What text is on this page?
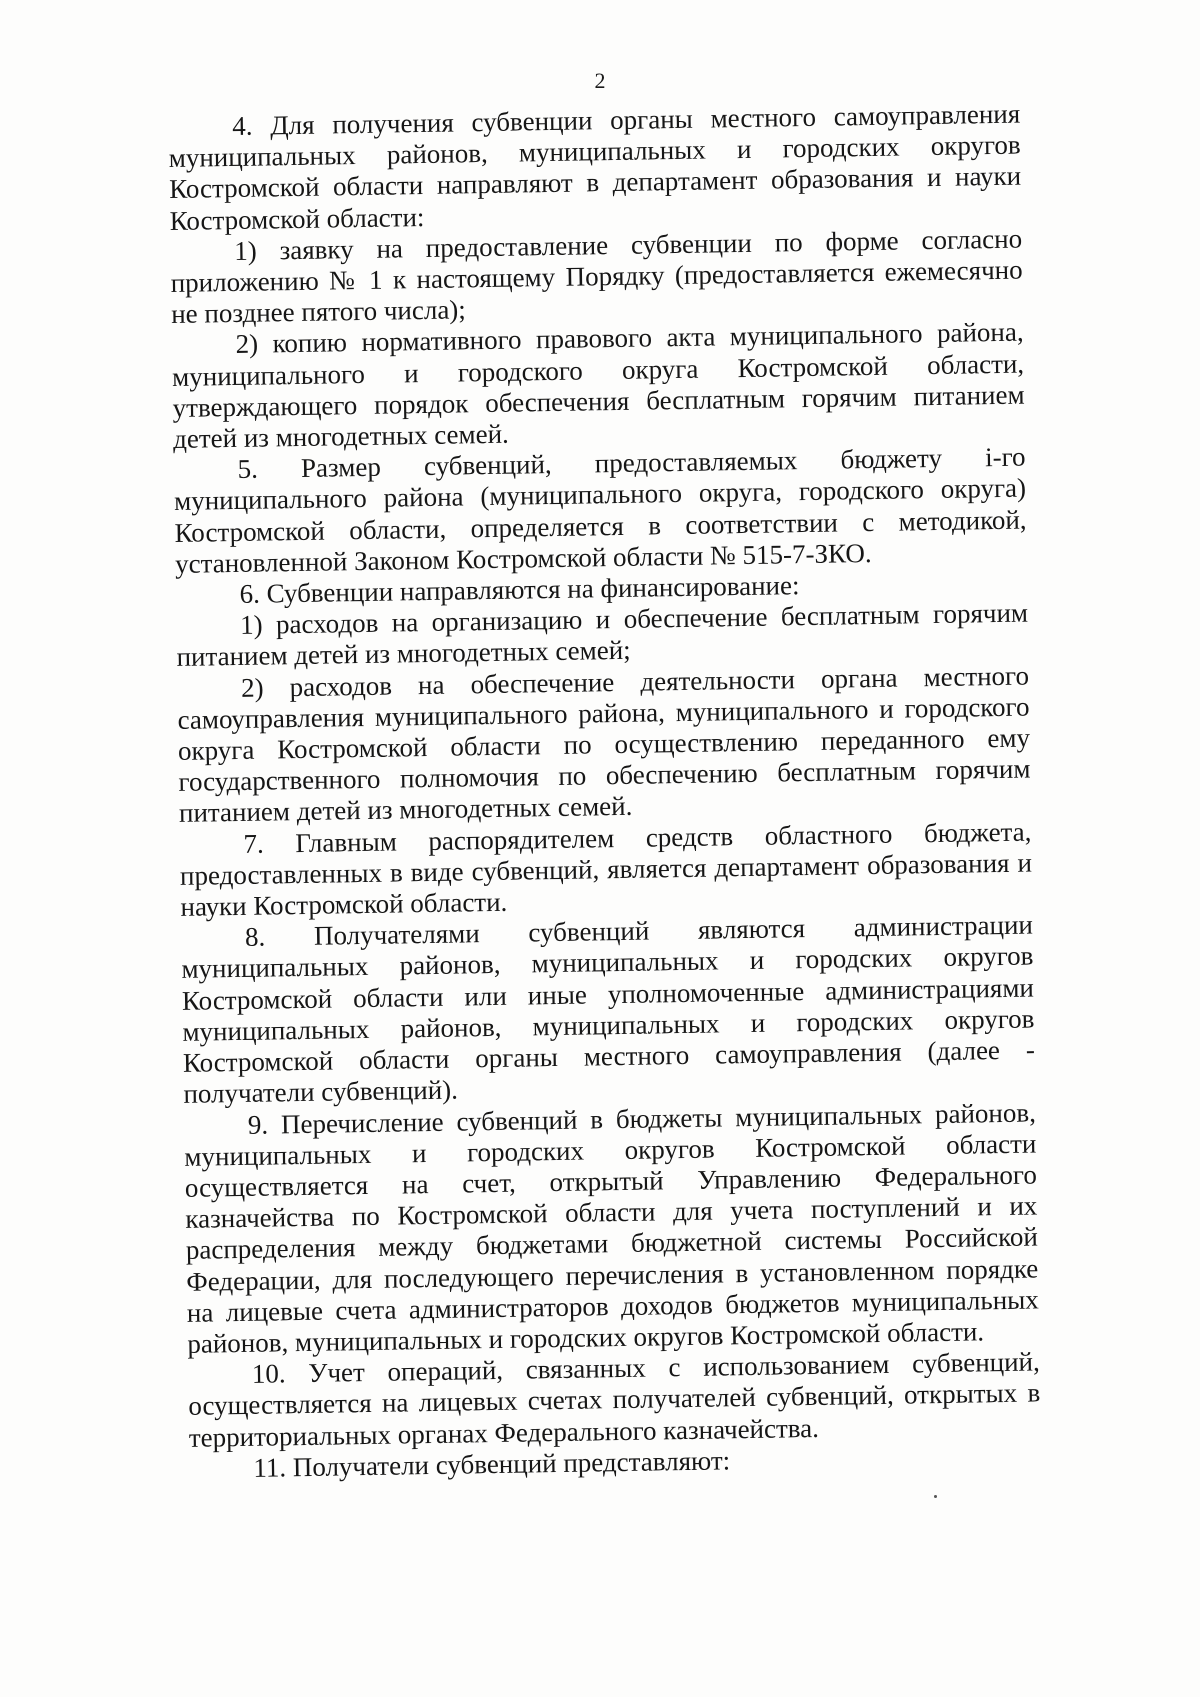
2

4. Для получения субвенции органы местного самоуправления муниципальных районов, муниципальных и городских округов Костромской области направляют в департамент образования и науки Костромской области:

1) заявку на предоставление субвенции по форме согласно приложению № 1 к настоящему Порядку (предоставляется ежемесячно не позднее пятого числа);

2) копию нормативного правового акта муниципального района, муниципального и городского округа Костромской области, утверждающего порядок обеспечения бесплатным горячим питанием детей из многодетных семей.

5. Размер субвенций, предоставляемых бюджету i-го муниципального района (муниципального округа, городского округа) Костромской области, определяется в соответствии с методикой, установленной Законом Костромской области № 515-7-ЗКО.

6. Субвенции направляются на финансирование:

1) расходов на организацию и обеспечение бесплатным горячим питанием детей из многодетных семей;

2) расходов на обеспечение деятельности органа местного самоуправления муниципального района, муниципального и городского округа Костромской области по осуществлению переданного ему государственного полномочия по обеспечению бесплатным горячим питанием детей из многодетных семей.

7. Главным распорядителем средств областного бюджета, предоставленных в виде субвенций, является департамент образования и науки Костромской области.

8. Получателями субвенций являются администрации муниципальных районов, муниципальных и городских округов Костромской области или иные уполномоченные администрациями муниципальных районов, муниципальных и городских округов Костромской области органы местного самоуправления (далее - получатели субвенций).

9. Перечисление субвенций в бюджеты муниципальных районов, муниципальных и городских округов Костромской области осуществляется на счет, открытый Управлению Федерального казначейства по Костромской области для учета поступлений и их распределения между бюджетами бюджетной системы Российской Федерации, для последующего перечисления в установленном порядке на лицевые счета администраторов доходов бюджетов муниципальных районов, муниципальных и городских округов Костромской области.

10. Учет операций, связанных с использованием субвенций, осуществляется на лицевых счетах получателей субвенций, открытых в территориальных органах Федерального казначейства.

11. Получатели субвенций представляют:
